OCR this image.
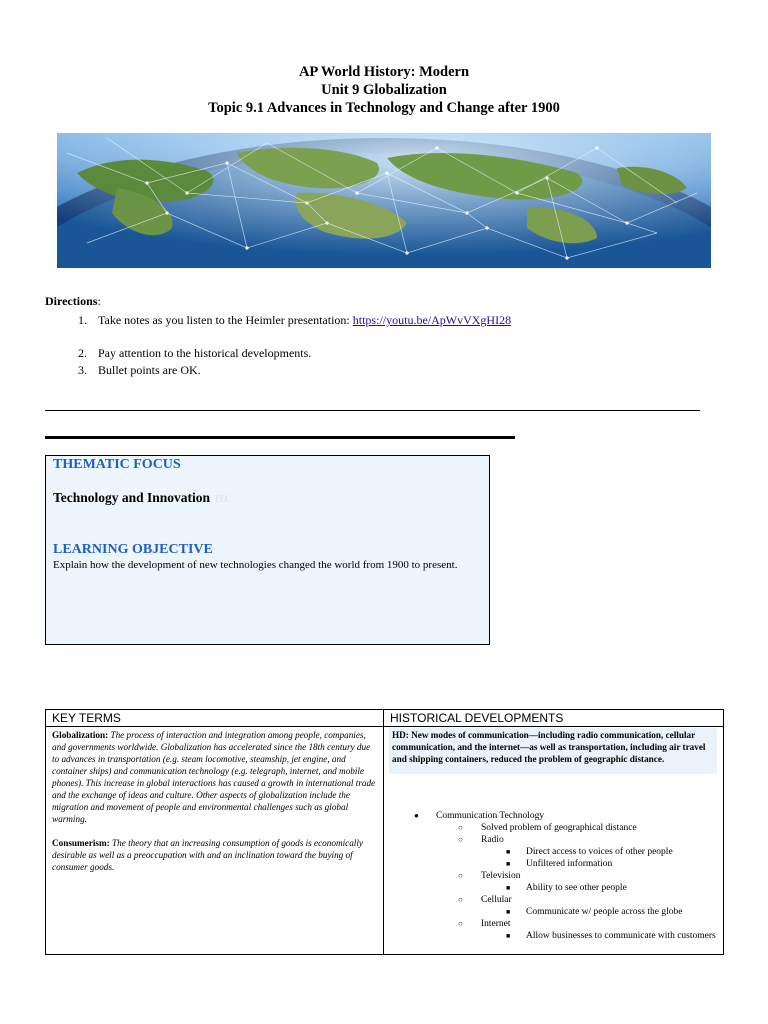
AP World History: Modern
Unit 9 Globalization
Topic 9.1 Advances in Technology and Change after 1900
Directions:
1. Take notes as you listen to the Heimler presentation: https://youtu.be/ApWvVXgHI28
2. Pay attention to the historical developments.
3. Bullet points are OK.
THEMATIC FOCUS
Technology and Innovation TEC
LEARNING OBJECTIVE
Explain how the development of new technologies changed the world from 1900 to present.
KEY TERMS	HISTORICAL DEVELOPMENTS

Globalization: The process of interaction and integration among people, companies, and governments worldwide. Globalization has accelerated since the 18th century due to advances in transportation (e.g. steam locomotive, steamship, jet engine, and container ships) and communication technology (e.g. telegraph, internet, and mobile phones). This increase in global interactions has caused a growth in international trade and the exchange of ideas and culture. Other aspects of globalization include the migration and movement of people and environmental challenges such as global warming.

Consumerism: The theory that an increasing consumption of goods is economically desirable as well as a preoccupation with and an inclination toward the buying of consumer goods.

HD: New modes of communication—including radio communication, cellular communication, and the internet—as well as transportation, including air travel and shipping containers, reduced the problem of geographic distance.
● Communication Technology
○ Solved problem of geographical distance
○ Radio
■ Direct access to voices of other people
■ Unfiltered information
○ Television
■ Ability to see other people
○ Cellular
■ Communicate w/ people across the globe
○ Internet
■ Allow businesses to communicate with customers
